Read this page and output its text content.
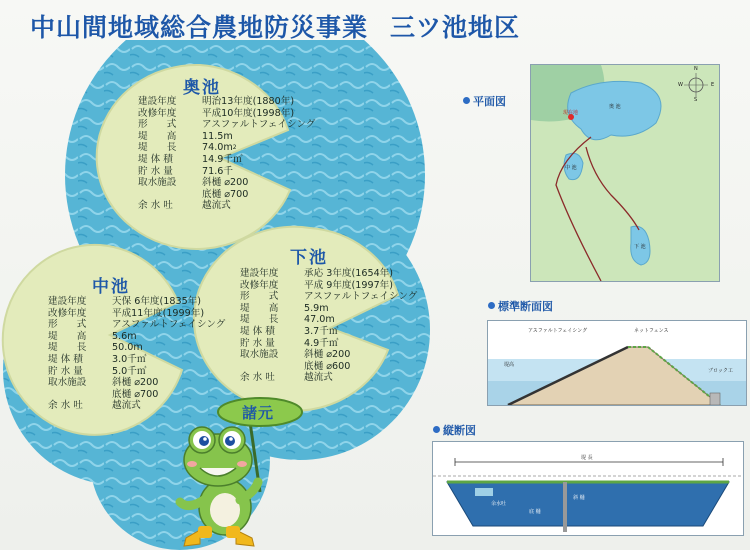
中山間地域総合農地防災事業 三ツ池地区
奥池
建設年度	明治13年度(1880年)
改修年度	平成10年度(1998年)
形　　式	アスファルトフェイシング
堤　　高	11.5m
堤　　長	74.0m 2
堤 体 積	14.9千㎥
貯 水 量	71.6千
取水施設	斜樋 ⌀200
底樋 ⌀700
余 水 吐	越流式
中池
建設年度	天保 6年度(1835年)
改修年度	平成11年度(1999年)
形　　式	アスファルトフェイシング
堤　　高	5.6m
堤　　長	50.0m
堤 体 積	3.0千㎥
貯 水 量	5.0千㎥
取水施設	斜樋 ⌀200
底樋 ⌀700
余 水 吐	越流式
下池
建設年度	承応 3年度(1654年)
改修年度	平成 9年度(1997年)
形　　式	アスファルトフェイシング
堤　　高	5.9m
堤　　長	47.0m
堤 体 積	3.7千㎥
貯 水 量	4.9千㎥
取水施設	斜樋 ⌀200
底樋 ⌀600
余 水 吐	越流式
諸元
平面図	奥 池
中 池
下 池
現在地
N
S
W	E
標準断面図
アスファルトフェイシング	ネットフェンス
ブロック工
堤高
縦断図
堤 長
斜 樋
底 樋
余水吐
